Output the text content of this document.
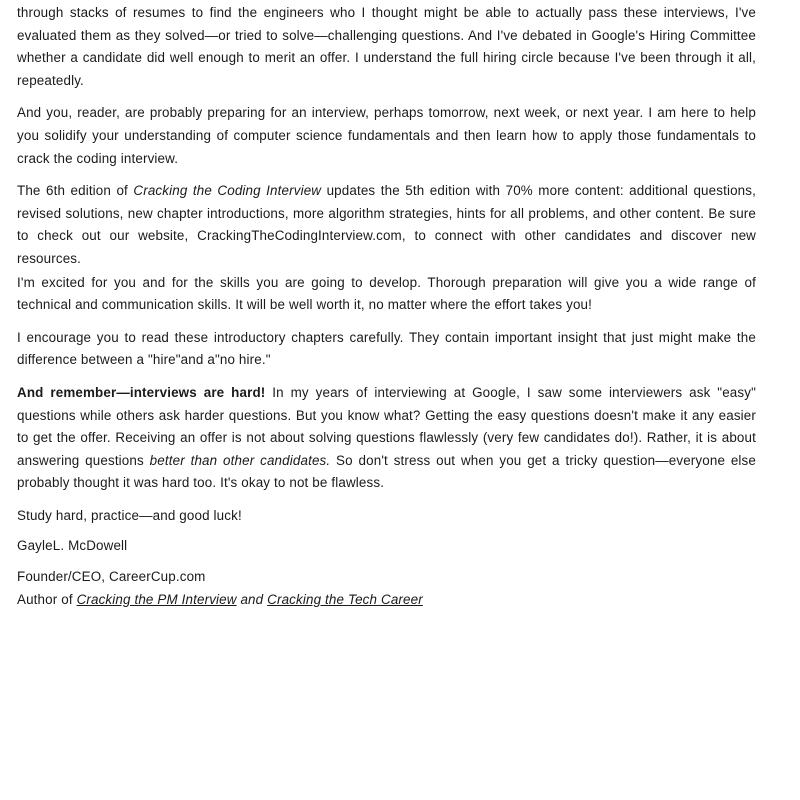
through stacks of resumes to find the engineers who I thought might be able to actually pass these interviews, I've evaluated them as they solved—or tried to solve—challenging questions. And I've debated in Google's Hiring Committee whether a candidate did well enough to merit an offer. I understand the full hiring circle because I've been through it all, repeatedly.

And you, reader, are probably preparing for an interview, perhaps tomorrow, next week, or next year. I am here to help you solidify your understanding of computer science fundamentals and then learn how to apply those fundamentals to crack the coding interview.

The 6th edition of Cracking the Coding Interview updates the 5th edition with 70% more content: additional questions, revised solutions, new chapter introductions, more algorithm strategies, hints for all problems, and other content. Be sure to check out our website, CrackingTheCodingInterview.com, to connect with other candidates and discover new resources.

I'm excited for you and for the skills you are going to develop. Thorough preparation will give you a wide range of technical and communication skills. It will be well worth it, no matter where the effort takes you!

I encourage you to read these introductory chapters carefully. They contain important insight that just might make the difference between a "hire"and a"no hire."

And remember—interviews are hard! In my years of interviewing at Google, I saw some interviewers ask "easy" questions while others ask harder questions. But you know what? Getting the easy questions doesn't make it any easier to get the offer. Receiving an offer is not about solving questions flawlessly (very few candidates do!). Rather, it is about answering questions better than other candidates. So don't stress out when you get a tricky question—everyone else probably thought it was hard too. It's okay to not be flawless.

Study hard, practice—and good luck!

GayleL. McDowell

Founder/CEO, CareerCup.com
Author of Cracking the PM Interview and Cracking the Tech Career
